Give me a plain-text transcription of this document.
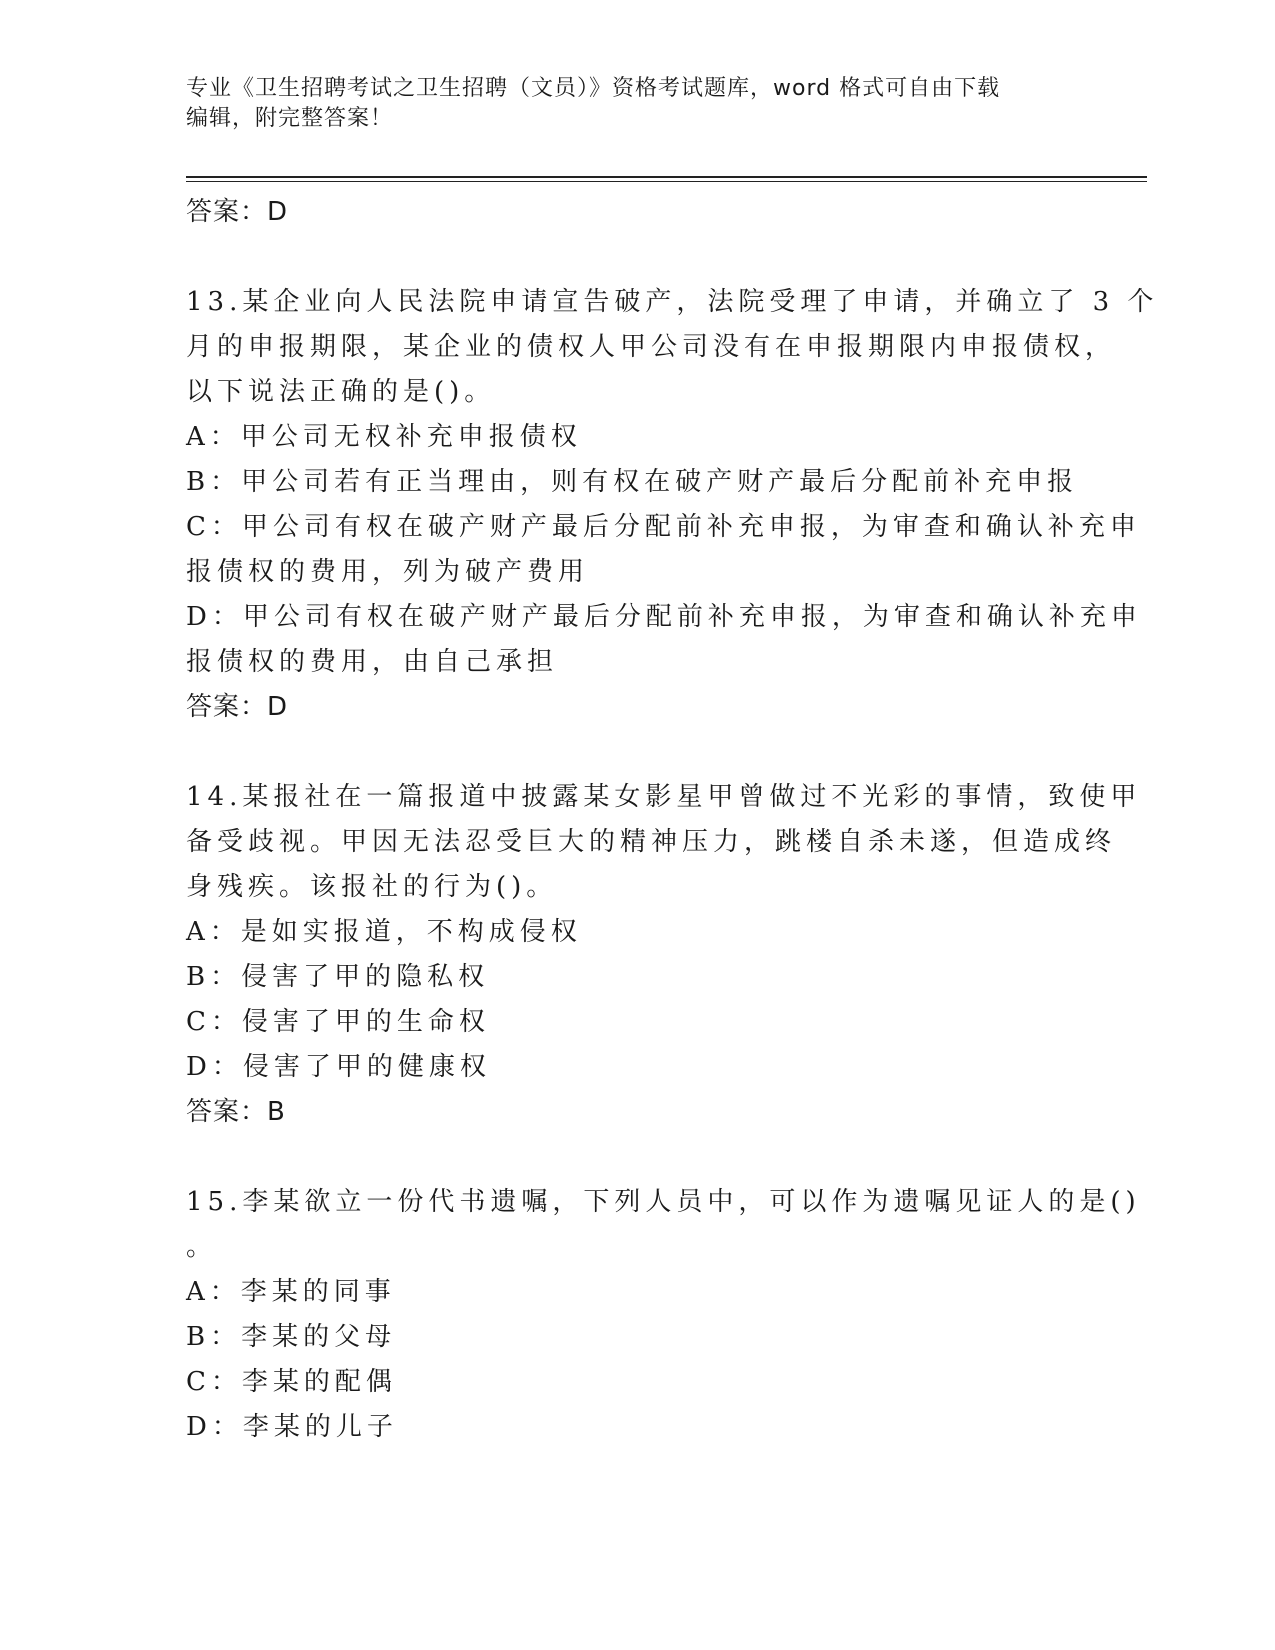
专业《卫生招聘考试之卫生招聘（文员）》资格考试题库，word 格式可自由下载
编辑，附完整答案！
答案：D
13.某企业向人民法院申请宣告破产，法院受理了申请，并确立了 3 个
月的申报期限，某企业的债权人甲公司没有在申报期限内申报债权，
以下说法正确的是()。
A：甲公司无权补充申报债权
B：甲公司若有正当理由，则有权在破产财产最后分配前补充申报
C：甲公司有权在破产财产最后分配前补充申报，为审查和确认补充申
报债权的费用，列为破产费用
D：甲公司有权在破产财产最后分配前补充申报，为审查和确认补充申
报债权的费用，由自己承担
答案：D
14.某报社在一篇报道中披露某女影星甲曾做过不光彩的事情，致使甲
备受歧视。甲因无法忍受巨大的精神压力，跳楼自杀未遂，但造成终
身残疾。该报社的行为()。
A：是如实报道，不构成侵权
B：侵害了甲的隐私权
C：侵害了甲的生命权
D：侵害了甲的健康权
答案：B
15.李某欲立一份代书遗嘱，下列人员中，可以作为遗嘱见证人的是()
。
A：李某的同事
B：李某的父母
C：李某的配偶
D：李某的儿子
